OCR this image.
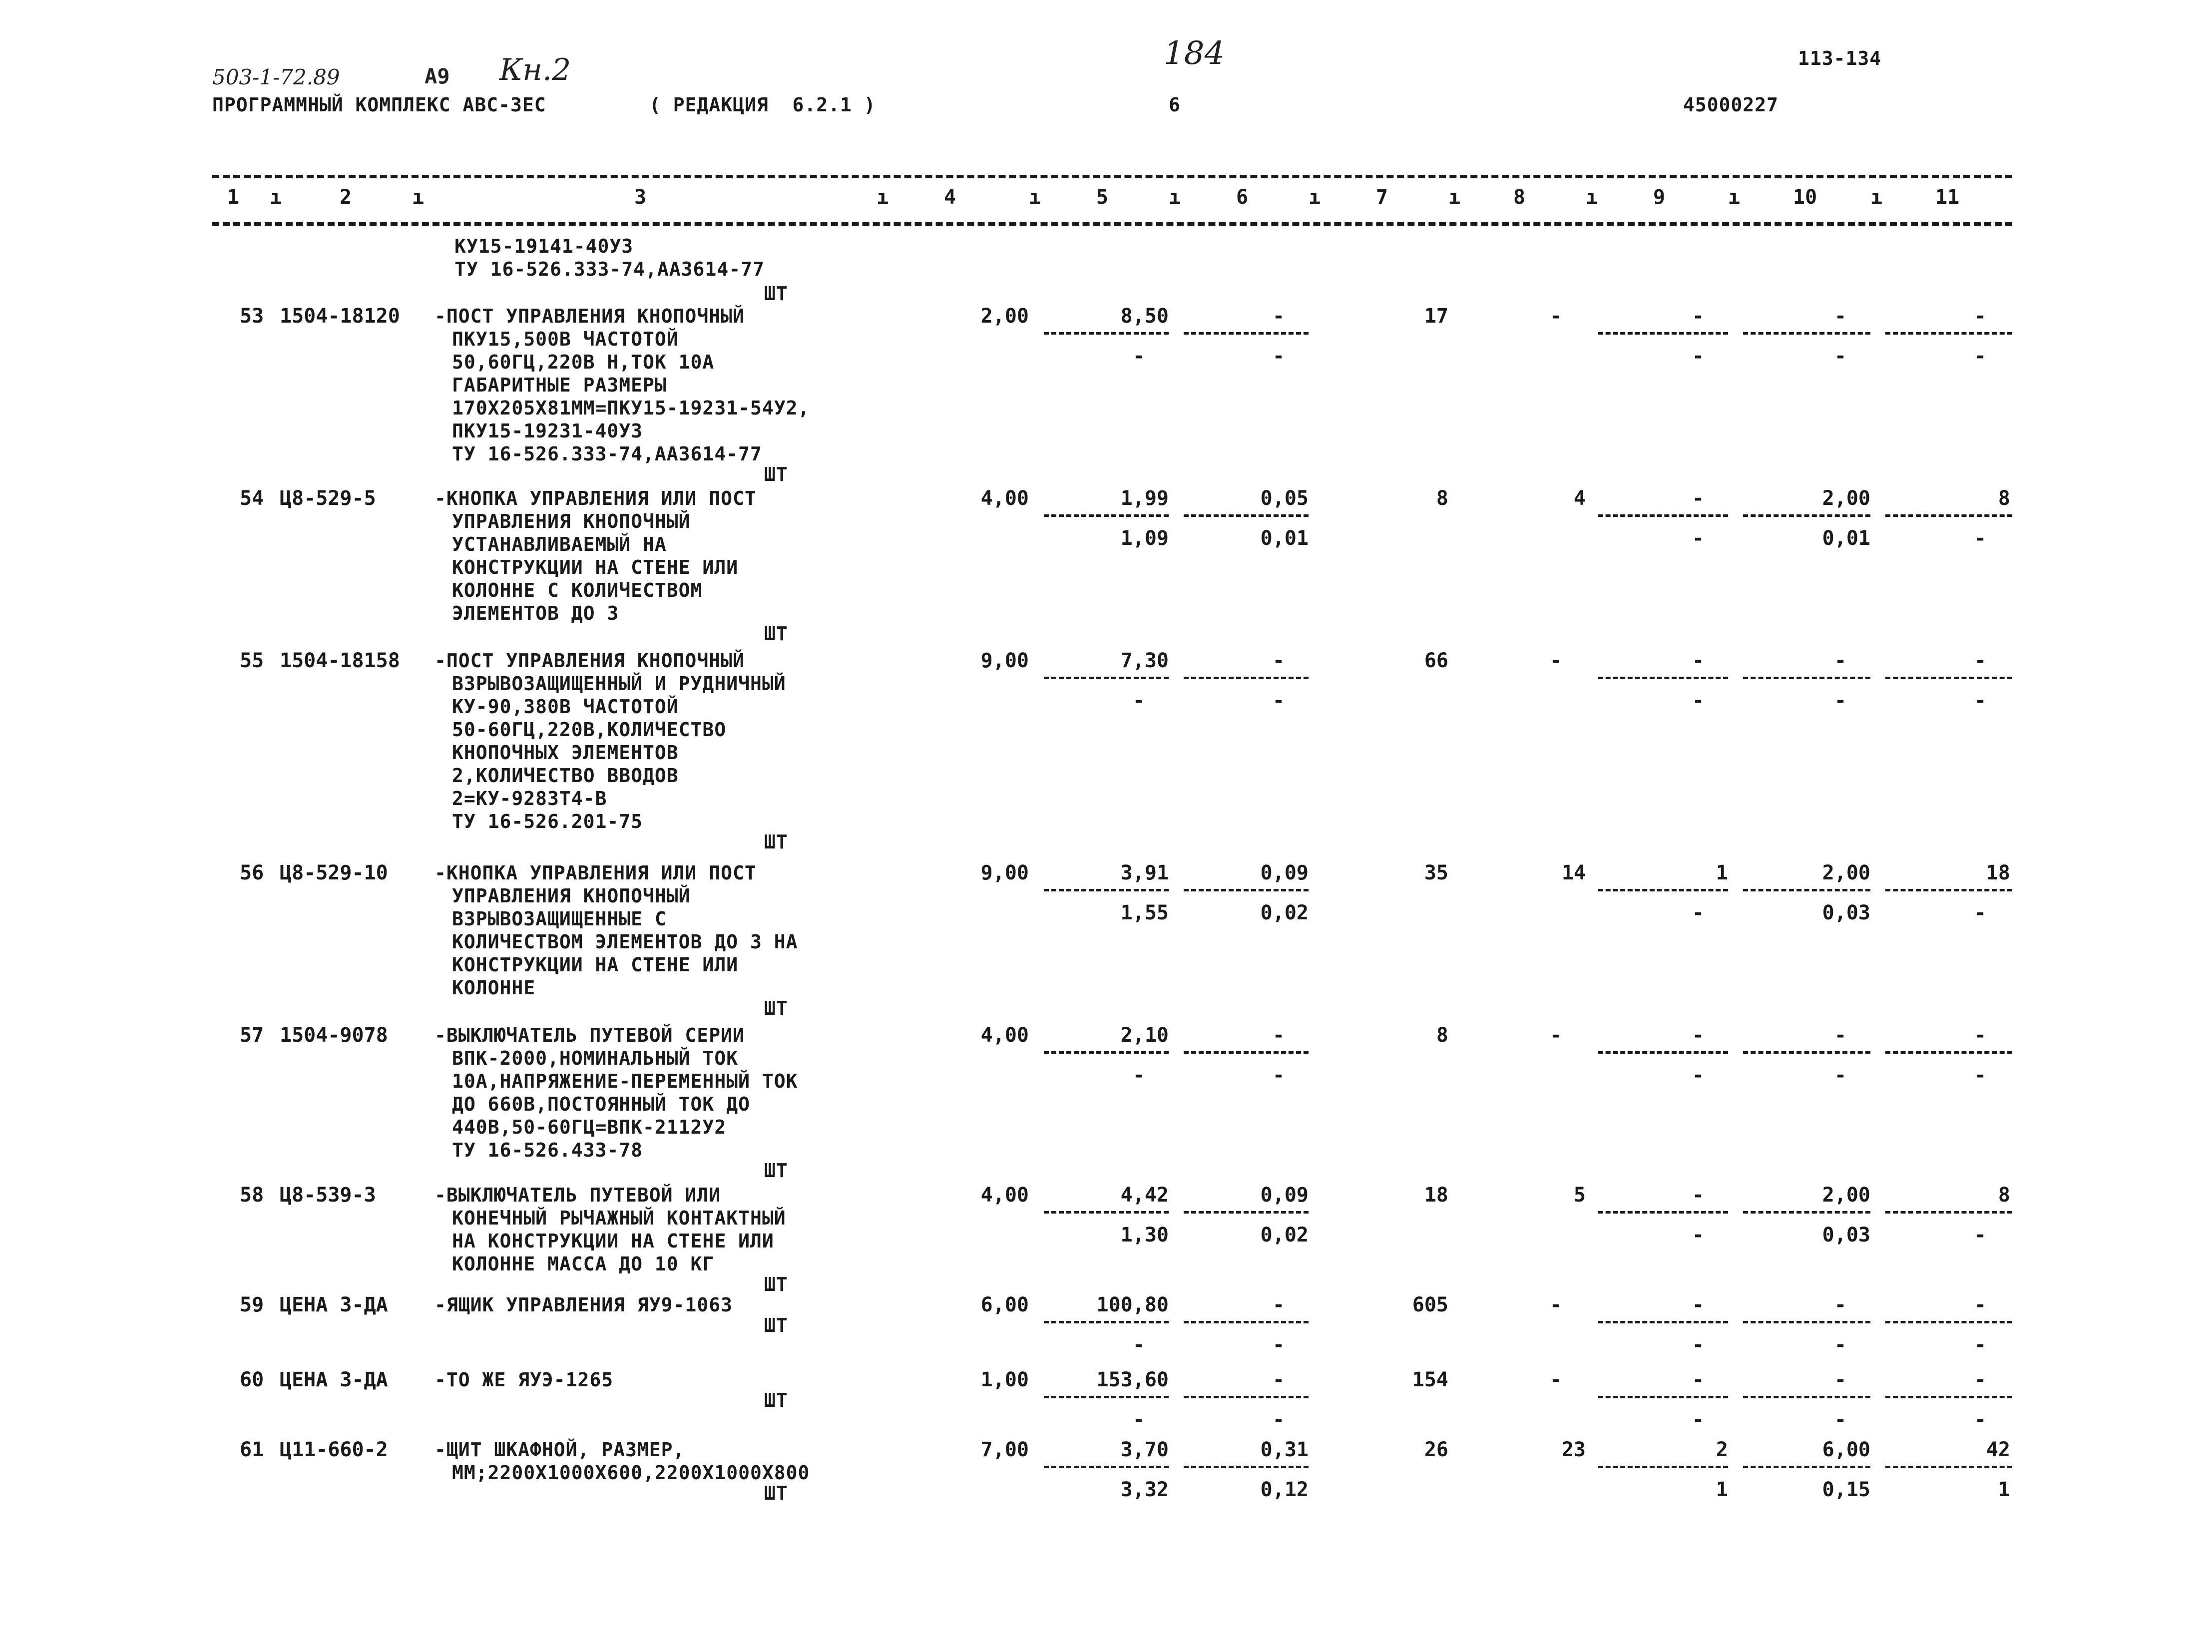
503-1-72.89	А9 Кн.2	184	113-134
ПРОГРАММНЫЙ КОМПЛЕКС АВС-3ЕС	( РЕДАКЦИЯ  6.2.1 )	6	45000227
1 ı	2	ı	3	ı	4	ı	5	ı	6	ı	7	ı	8	ı	9	ı	10	ı	11
КУ15-19141-40УЗ
ТУ 16-526.333-74,АА3614-77
ШТ
53 1504-18120 -ПОСТ УПРАВЛЕНИЯ КНОПОЧНЫЙ
ПКУ15,500В ЧАСТОТОЙ
50,60ГЦ,220В Н,ТОК 10А
ГАБАРИТНЫЕ РАЗМЕРЫ
170Х205Х81ММ=ПКУ15-19231-54У2,
ПКУ15-19231-40УЗ
ТУ 16-526.333-74,АА3614-77
ШТ
2,00	8,50	-	17	-	-	-	-
-	-	-	-	-
54 Ц8-529-5	-КНОПКА УПРАВЛЕНИЯ ИЛИ ПОСТ
УПРАВЛЕНИЯ КНОПОЧНЫЙ
УСТАНАВЛИВАЕМЫЙ НА
КОНСТРУКЦИИ НА СТЕНЕ ИЛИ
КОЛОННЕ С КОЛИЧЕСТВОМ
ЭЛЕМЕНТОВ ДО 3
ШТ
4,00	1,99	0,05	8	4	-	2,00	8
1,09	0,01	-	0,01	-
55 1504-18158 -ПОСТ УПРАВЛЕНИЯ КНОПОЧНЫЙ
ВЗРЫВОЗАЩИЩЕННЫЙ И РУДНИЧНЫЙ
КУ-90,380В ЧАСТОТОЙ
50-60ГЦ,220В,КОЛИЧЕСТВО
КНОПОЧНЫХ ЭЛЕМЕНТОВ
2,КОЛИЧЕСТВО ВВОДОВ
2=КУ-9283Т4-В
ТУ 16-526.201-75
ШТ
9,00	7,30	-	66	-	-	-	-
-	-	-	-	-
56 Ц8-529-10 -КНОПКА УПРАВЛЕНИЯ ИЛИ ПОСТ
УПРАВЛЕНИЯ КНОПОЧНЫЙ
ВЗРЫВОЗАЩИЩЕННЫЕ С
КОЛИЧЕСТВОМ ЭЛЕМЕНТОВ ДО 3 НА
КОНСТРУКЦИИ НА СТЕНЕ ИЛИ
КОЛОННЕ
ШТ
9,00	3,91	0,09	35	14	1	2,00	18
1,55	0,02	-	0,03	-
57 1504-9078 -ВЫКЛЮЧАТЕЛЬ ПУТЕВОЙ СЕРИИ
ВПК-2000,НОМИНАЛЬНЫЙ ТОК
10А,НАПРЯЖЕНИЕ-ПЕРЕМЕННЫЙ ТОК
ДО 660В,ПОСТОЯННЫЙ ТОК ДО
440В,50-60ГЦ=ВПК-2112У2
ТУ 16-526.433-78
ШТ
4,00	2,10	-	8	-	-	-	-
-	-	-	-	-
58 Ц8-539-3	-ВЫКЛЮЧАТЕЛЬ ПУТЕВОЙ ИЛИ
КОНЕЧНЫЙ РЫЧАЖНЫЙ КОНТАКТНЫЙ
НА КОНСТРУКЦИИ НА СТЕНЕ ИЛИ
КОЛОННЕ МАССА ДО 10 КГ
ШТ
4,00	4,42	0,09	18	5	-	2,00	8
1,30	0,02	-	0,03	-
59 ЦЕНА 3-ДА -ЯЩИК УПРАВЛЕНИЯ ЯУ9-1063
ШТ
6,00	100,80	-	605	-	-	-	-
-	-	-	-	-
60 ЦЕНА 3-ДА -ТО ЖЕ ЯУЭ-1265
ШТ
1,00	153,60	-	154	-	-	-	-
-	-	-	-	-
61 Ц11-660-2 -ЩИТ ШКАФНОЙ, РАЗМЕР,
ММ;2200Х1000Х600,2200Х1000Х800
ШТ
7,00	3,70	0,31	26	23	2	6,00	42
3,32	0,12	1	0,15	1
